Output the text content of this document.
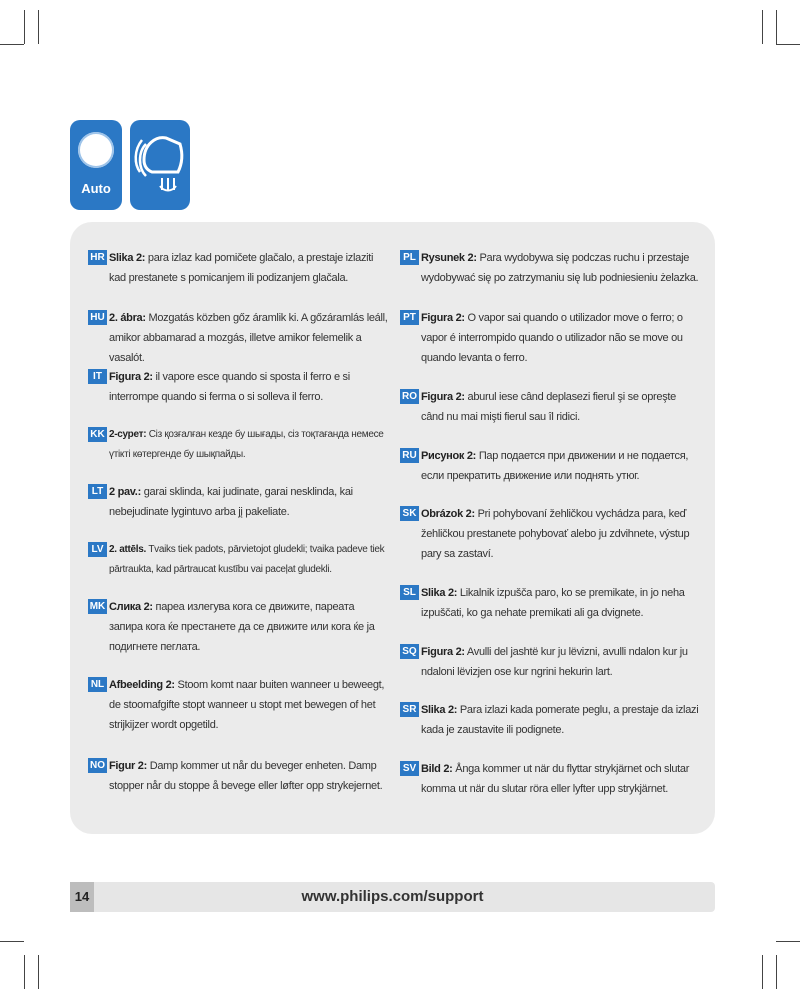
Auto
HR Slika 2: para izlaz kad pomičete glačalo, a prestaje izlaziti kad prestanete s pomicanjem ili podizanjem glačala.
HU 2. ábra: Mozgatás közben gőz áramlik ki. A gőzáramlás leáll, amikor abbamarad a mozgás, illetve amikor felemelik a vasalót.
IT Figura 2: il vapore esce quando si sposta il ferro e si interrompe quando si ferma o si solleva il ferro.
KK 2-сурет: Сіз қозғалған кезде бу шығады, сіз тоқтағанда немесе үтікті көтергенде бу шықпайды.
LT 2 pav.: garai sklinda, kai judinate, garai nesklinda, kai nebejudinate lygintuvo arba jį pakeliate.
LV 2. attēls. Tvaiks tiek padots, pārvietojot gludekli; tvaika padeve tiek pārtraukta, kad pārtraucat kustību vai paceļat gludekli.
MK Слика 2: пареа излегува кога се движите, пареата запира кога ќе престанете да се движите или кога ќе ја подигнете пеглата.
NL Afbeelding 2: Stoom komt naar buiten wanneer u beweegt, de stoomafgifte stopt wanneer u stopt met bewegen of het strijkijzer wordt opgetild.
NO Figur 2: Damp kommer ut når du beveger enheten. Damp stopper når du stoppe å bevege eller løfter opp strykejernet.
PL Rysunek 2: Para wydobywa się podczas ruchu i przestaje wydobywać się po zatrzymaniu się lub podniesieniu żelazka.
PT Figura 2: O vapor sai quando o utilizador move o ferro; o vapor é interrompido quando o utilizador não se move ou quando levanta o ferro.
RO Figura 2: aburul iese când deplasezi fierul şi se opreşte când nu mai mişti fierul sau îl ridici.
RU Рисунок 2: Пар подается при движении и не подается, если прекратить движение или поднять утюг.
SK Obrázok 2: Pri pohybovaní žehličkou vychádza para, keď žehličkou prestanete pohybovať alebo ju zdvihnete, výstup pary sa zastaví.
SL Slika 2: Likalnik izpušča paro, ko se premikate, in jo neha izpuščati, ko ga nehate premikati ali ga dvignete.
SQ Figura 2: Avulli del jashtë kur ju lëvizni, avulli ndalon kur ju ndaloni lëvizjen ose kur ngrini hekurin lart.
SR Slika 2: Para izlazi kada pomerate peglu, a prestaje da izlazi kada je zaustavite ili podignete.
SV Bild 2: Ånga kommer ut när du flyttar strykjärnet och slutar komma ut när du slutar röra eller lyfter upp strykjärnet.
www.philips.com/support
14
